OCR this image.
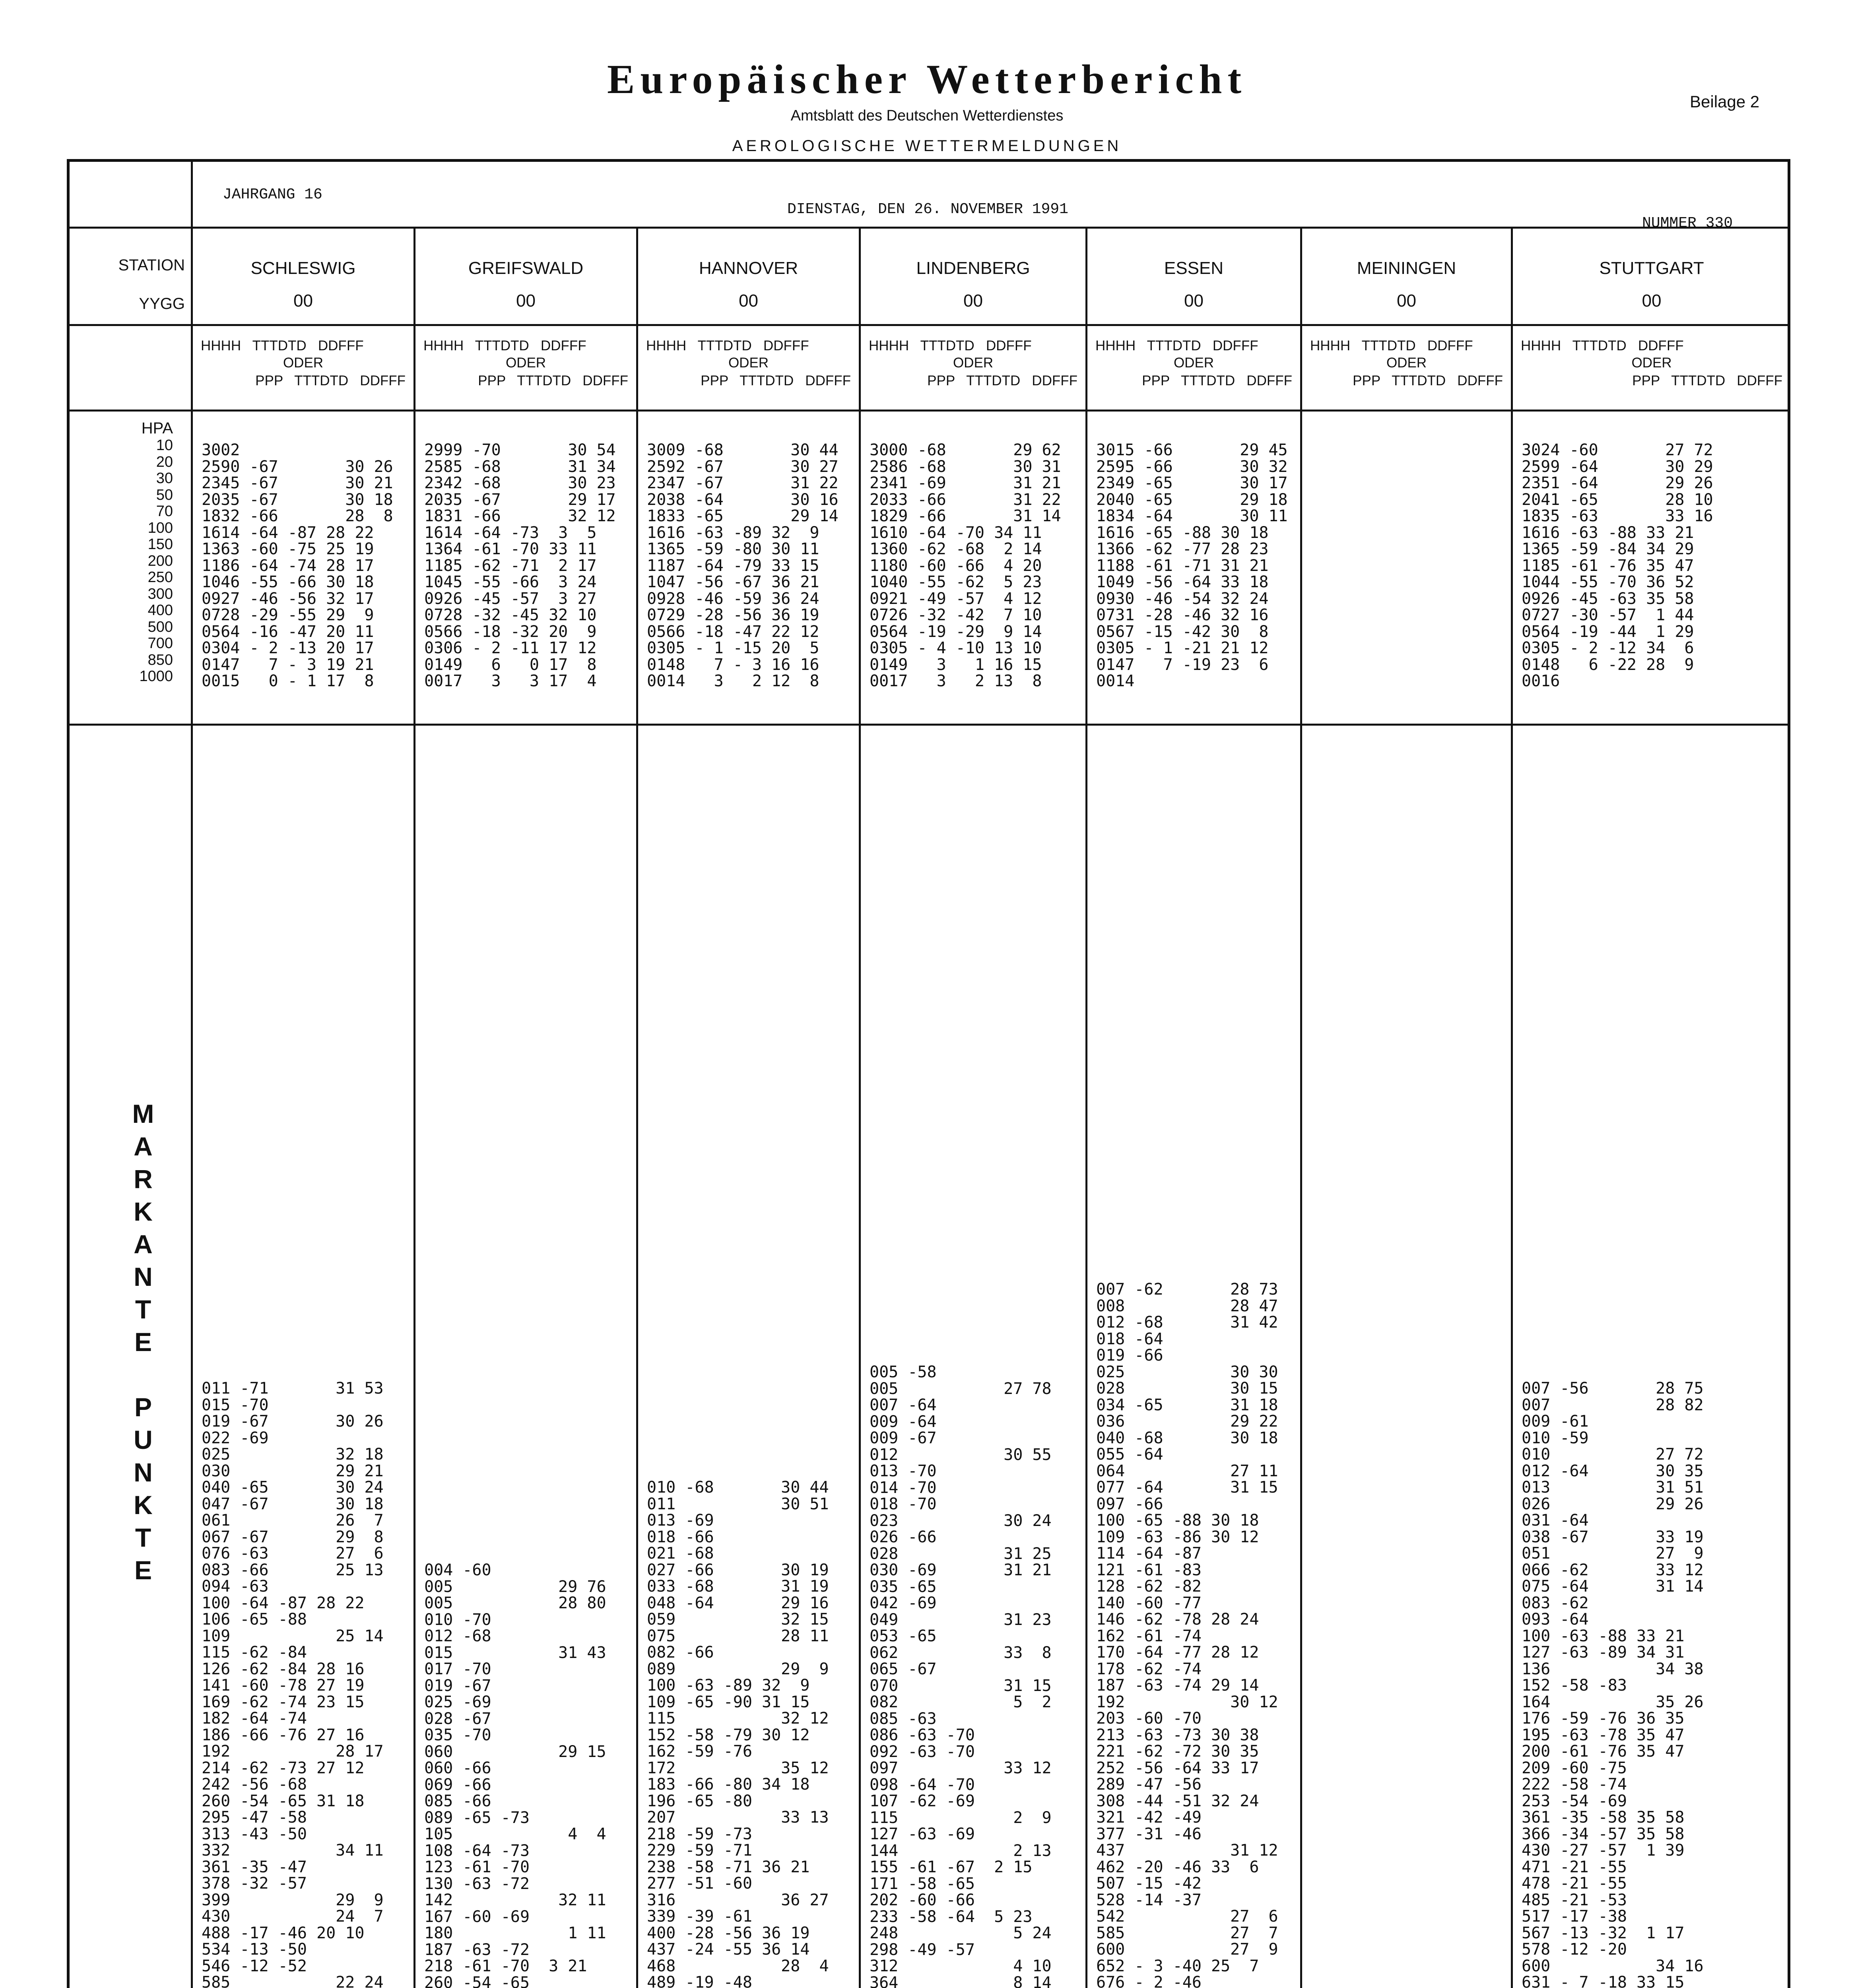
Europäischer Wetterbericht
Amtsblatt des Deutschen Wetterdienstes
AEROLOGISCHE WETTERMELDUNGEN
Beilage 2
JAHRGANG 16
DIENSTAG, DEN 26. NOVEMBER 1991
NUMMER 330
STATION
YYGG
HPA
10
20
30
50
70
100
150
200
250
300
400
500
700
850
1000
M
A
R
K
A
N
T
E

P
U
N
K
T
E
SCHLESWIG
00
HHHH   TTTDTD   DDFFF
ODER
PPP   TTTDTD   DDFFF
3002
2590 -67       30 26
2345 -67       30 21
2035 -67       30 18
1832 -66       28  8
1614 -64 -87 28 22
1363 -60 -75 25 19
1186 -64 -74 28 17
1046 -55 -66 30 18
0927 -46 -56 32 17
0728 -29 -55 29  9
0564 -16 -47 20 11
0304 - 2 -13 20 17
0147   7 - 3 19 21
0015   0 - 1 17  8
011 -71       31 53
015 -70
019 -67       30 26
022 -69
025           32 18
030           29 21
040 -65       30 24
047 -67       30 18
061           26  7
067 -67       29  8
076 -63       27  6
083 -66       25 13
094 -63
100 -64 -87 28 22
106 -65 -88
109           25 14
115 -62 -84
126 -62 -84 28 16
141 -60 -78 27 19
169 -62 -74 23 15
182 -64 -74
186 -66 -76 27 16
192           28 17
214 -62 -73 27 12
242 -56 -68
260 -54 -65 31 18
295 -47 -58
313 -43 -50
332           34 11
361 -35 -47
378 -32 -57
399           29  9
430           24  7
488 -17 -46 20 10
534 -13 -50
546 -12 -52
585           22 24

GREIFSWALD
00
HHHH   TTTDTD   DDFFF
ODER
PPP   TTTDTD   DDFFF
2999 -70       30 54
2585 -68       31 34
2342 -68       30 23
2035 -67       29 17
1831 -66       32 12
1614 -64 -73  3  5
1364 -61 -70 33 11
1185 -62 -71  2 17
1045 -55 -66  3 24
0926 -45 -57  3 27
0728 -32 -45 32 10
0566 -18 -32 20  9
0306 - 2 -11 17 12
0149   6   0 17  8
0017   3   3 17  4
004 -60
005           29 76
005           28 80
010 -70
012 -68
015           31 43
017 -70
019 -67
025 -69
028 -67
035 -70
060           29 15
060 -66
069 -66
085 -66
089 -65 -73
105            4  4
108 -64 -73
123 -61 -70
130 -63 -72
142           32 11
167 -60 -69
180            1 11
187 -63 -72
218 -61 -70  3 21
260 -54 -65

HANNOVER
00
HHHH   TTTDTD   DDFFF
ODER
PPP   TTTDTD   DDFFF
3009 -68       30 44
2592 -67       30 27
2347 -67       31 22
2038 -64       30 16
1833 -65       29 14
1616 -63 -89 32  9
1365 -59 -80 30 11
1187 -64 -79 33 15
1047 -56 -67 36 21
0928 -46 -59 36 24
0729 -28 -56 36 19
0566 -18 -47 22 12
0305 - 1 -15 20  5
0148   7 - 3 16 16
0014   3   2 12  8
010 -68       30 44
011           30 51
013 -69
018 -66
021 -68
027 -66       30 19
033 -68       31 19
048 -64       29 16
059           32 15
075           28 11
082 -66
089           29  9
100 -63 -89 32  9
109 -65 -90 31 15
115           32 12
152 -58 -79 30 12
162 -59 -76
172           35 12
183 -66 -80 34 18
196 -65 -80
207           33 13
218 -59 -73
229 -59 -71
238 -58 -71 36 21
277 -51 -60
316           36 27
339 -39 -61
400 -28 -56 36 19
437 -24 -55 36 14
468           28  4
489 -19 -48

LINDENBERG
00
HHHH   TTTDTD   DDFFF
ODER
PPP   TTTDTD   DDFFF
3000 -68       29 62
2586 -68       30 31
2341 -69       31 21
2033 -66       31 22
1829 -66       31 14
1610 -64 -70 34 11
1360 -62 -68  2 14
1180 -60 -66  4 20
1040 -55 -62  5 23
0921 -49 -57  4 12
0726 -32 -42  7 10
0564 -19 -29  9 14
0305 - 4 -10 13 10
0149   3   1 16 15
0017   3   2 13  8
005 -58
005           27 78
007 -64
009 -64
009 -67
012           30 55
013 -70
014 -70
018 -70
023           30 24
026 -66
028           31 25
030 -69       31 21
035 -65
042 -69
049           31 23
053 -65
062           33  8
065 -67
070           31 15
082            5  2
085 -63
086 -63 -70
092 -63 -70
097           33 12
098 -64 -70
107 -62 -69
115            2  9
127 -63 -69
144            2 13
155 -61 -67  2 15
171 -58 -65
202 -60 -66
233 -58 -64  5 23
248            5 24
298 -49 -57
312            4 10
364            8 14

ESSEN
00
HHHH   TTTDTD   DDFFF
ODER
PPP   TTTDTD   DDFFF
3015 -66       29 45
2595 -66       30 32
2349 -65       30 17
2040 -65       29 18
1834 -64       30 11
1616 -65 -88 30 18
1366 -62 -77 28 23
1188 -61 -71 31 21
1049 -56 -64 33 18
0930 -46 -54 32 24
0731 -28 -46 32 16
0567 -15 -42 30  8
0305 - 1 -21 21 12
0147   7 -19 23  6
0014
007 -62       28 73
008           28 47
012 -68       31 42
018 -64
019 -66
025           30 30
028           30 15
034 -65       31 18
036           29 22
040 -68       30 18
055 -64
064           27 11
077 -64       31 15
097 -66
100 -65 -88 30 18
109 -63 -86 30 12
114 -64 -87
121 -61 -83
128 -62 -82
140 -60 -77
146 -62 -78 28 24
162 -61 -74
170 -64 -77 28 12
178 -62 -74
187 -63 -74 29 14
192           30 12
203 -60 -70
213 -63 -73 30 38
221 -62 -72 30 35
252 -56 -64 33 17
289 -47 -56
308 -44 -51 32 24
321 -42 -49
377 -31 -46
437           31 12
462 -20 -46 33  6
507 -15 -42
528 -14 -37
542           27  6
585           27  7
600           27  9
652 - 3 -40 25  7
676 - 2 -46

MEININGEN
00
HHHH   TTTDTD   DDFFF
ODER
PPP   TTTDTD   DDFFF
STUTTGART
00
HHHH   TTTDTD   DDFFF
ODER
PPP   TTTDTD   DDFFF
3024 -60       27 72
2599 -64       30 29
2351 -64       29 26
2041 -65       28 10
1835 -63       33 16
1616 -63 -88 33 21
1365 -59 -84 34 29
1185 -61 -76 35 47
1044 -55 -70 36 52
0926 -45 -63 35 58
0727 -30 -57  1 44
0564 -19 -44  1 29
0305 - 2 -12 34  6
0148   6 -22 28  9
0016
007 -56       28 75
007           28 82
009 -61
010 -59
010           27 72
012 -64       30 35
013           31 51
026           29 26
031 -64
038 -67       33 19
051           27  9
066 -62       33 12
075 -64       31 14
083 -62
093 -64
100 -63 -88 33 21
127 -63 -89 34 31
136           34 38
152 -58 -83
164           35 26
176 -59 -76 36 35
195 -63 -78 35 47
200 -61 -76 35 47
209 -60 -75
222 -58 -74
253 -54 -69
361 -35 -58 35 58
366 -34 -57 35 58
430 -27 -57  1 39
471 -21 -55
478 -21 -55
485 -21 -53
517 -17 -38
567 -13 -32  1 17
578 -12 -20
600           34 16
631 - 7 -18 33 15
